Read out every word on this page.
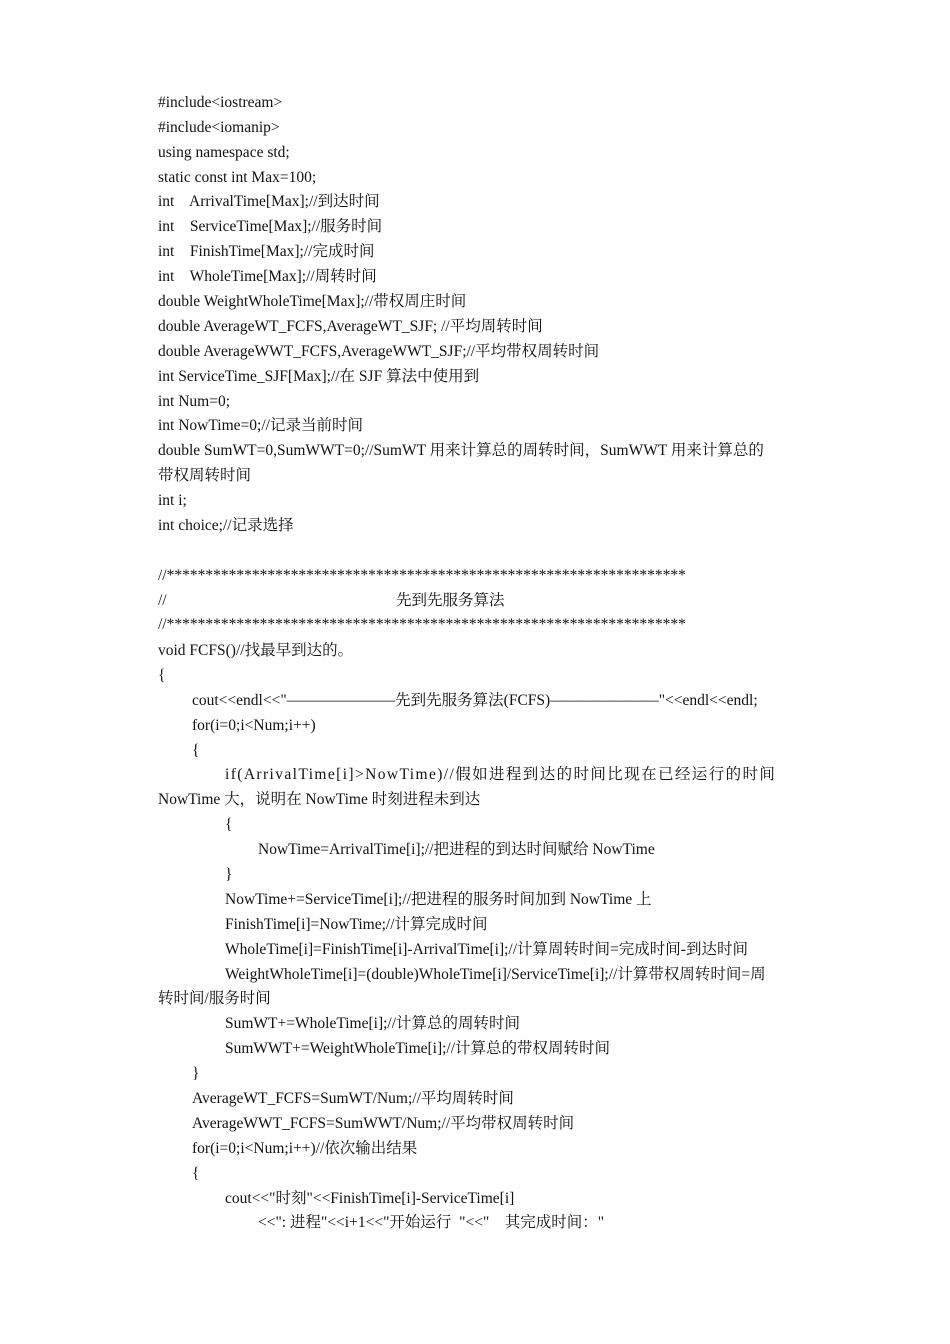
#include<iostream>
#include<iomanip>
using namespace std;
static const int Max=100;
int    ArrivalTime[Max];//到达时间
int    ServiceTime[Max];//服务时间
int    FinishTime[Max];//完成时间
int    WholeTime[Max];//周转时间
double WeightWholeTime[Max];//带权周庄时间
double AverageWT_FCFS,AverageWT_SJF; //平均周转时间
double AverageWWT_FCFS,AverageWWT_SJF;//平均带权周转时间
int ServiceTime_SJF[Max];//在 SJF 算法中使用到
int Num=0;
int NowTime=0;//记录当前时间
double SumWT=0,SumWWT=0;//SumWT 用来计算总的周转时间，SumWWT 用来计算总的
带权周转时间
int i;
int choice;//记录选择
//*******************************************************************
//	先到先服务算法
//*******************************************************************
void FCFS()//找最早到达的。
{
cout<<endl<<"———————先到先服务算法(FCFS)———————"<<endl<<endl;
for(i=0;i<Num;i++)
{
if(ArrivalTime[i]>NowTime)//假如进程到达的时间比现在已经运行的时间
NowTime 大，说明在 NowTime 时刻进程未到达
{
NowTime=ArrivalTime[i];//把进程的到达时间赋给 NowTime
}
NowTime+=ServiceTime[i];//把进程的服务时间加到 NowTime 上
FinishTime[i]=NowTime;//计算完成时间
WholeTime[i]=FinishTime[i]-ArrivalTime[i];//计算周转时间=完成时间-到达时间
WeightWholeTime[i]=(double)WholeTime[i]/ServiceTime[i];//计算带权周转时间=周
转时间/服务时间
SumWT+=WholeTime[i];//计算总的周转时间
SumWWT+=WeightWholeTime[i];//计算总的带权周转时间
}
AverageWT_FCFS=SumWT/Num;//平均周转时间
AverageWWT_FCFS=SumWWT/Num;//平均带权周转时间
for(i=0;i<Num;i++)//依次输出结果
{
cout<<"时刻"<<FinishTime[i]-ServiceTime[i]
<<": 进程"<<i+1<<"开始运行  "<<"    其完成时间："
